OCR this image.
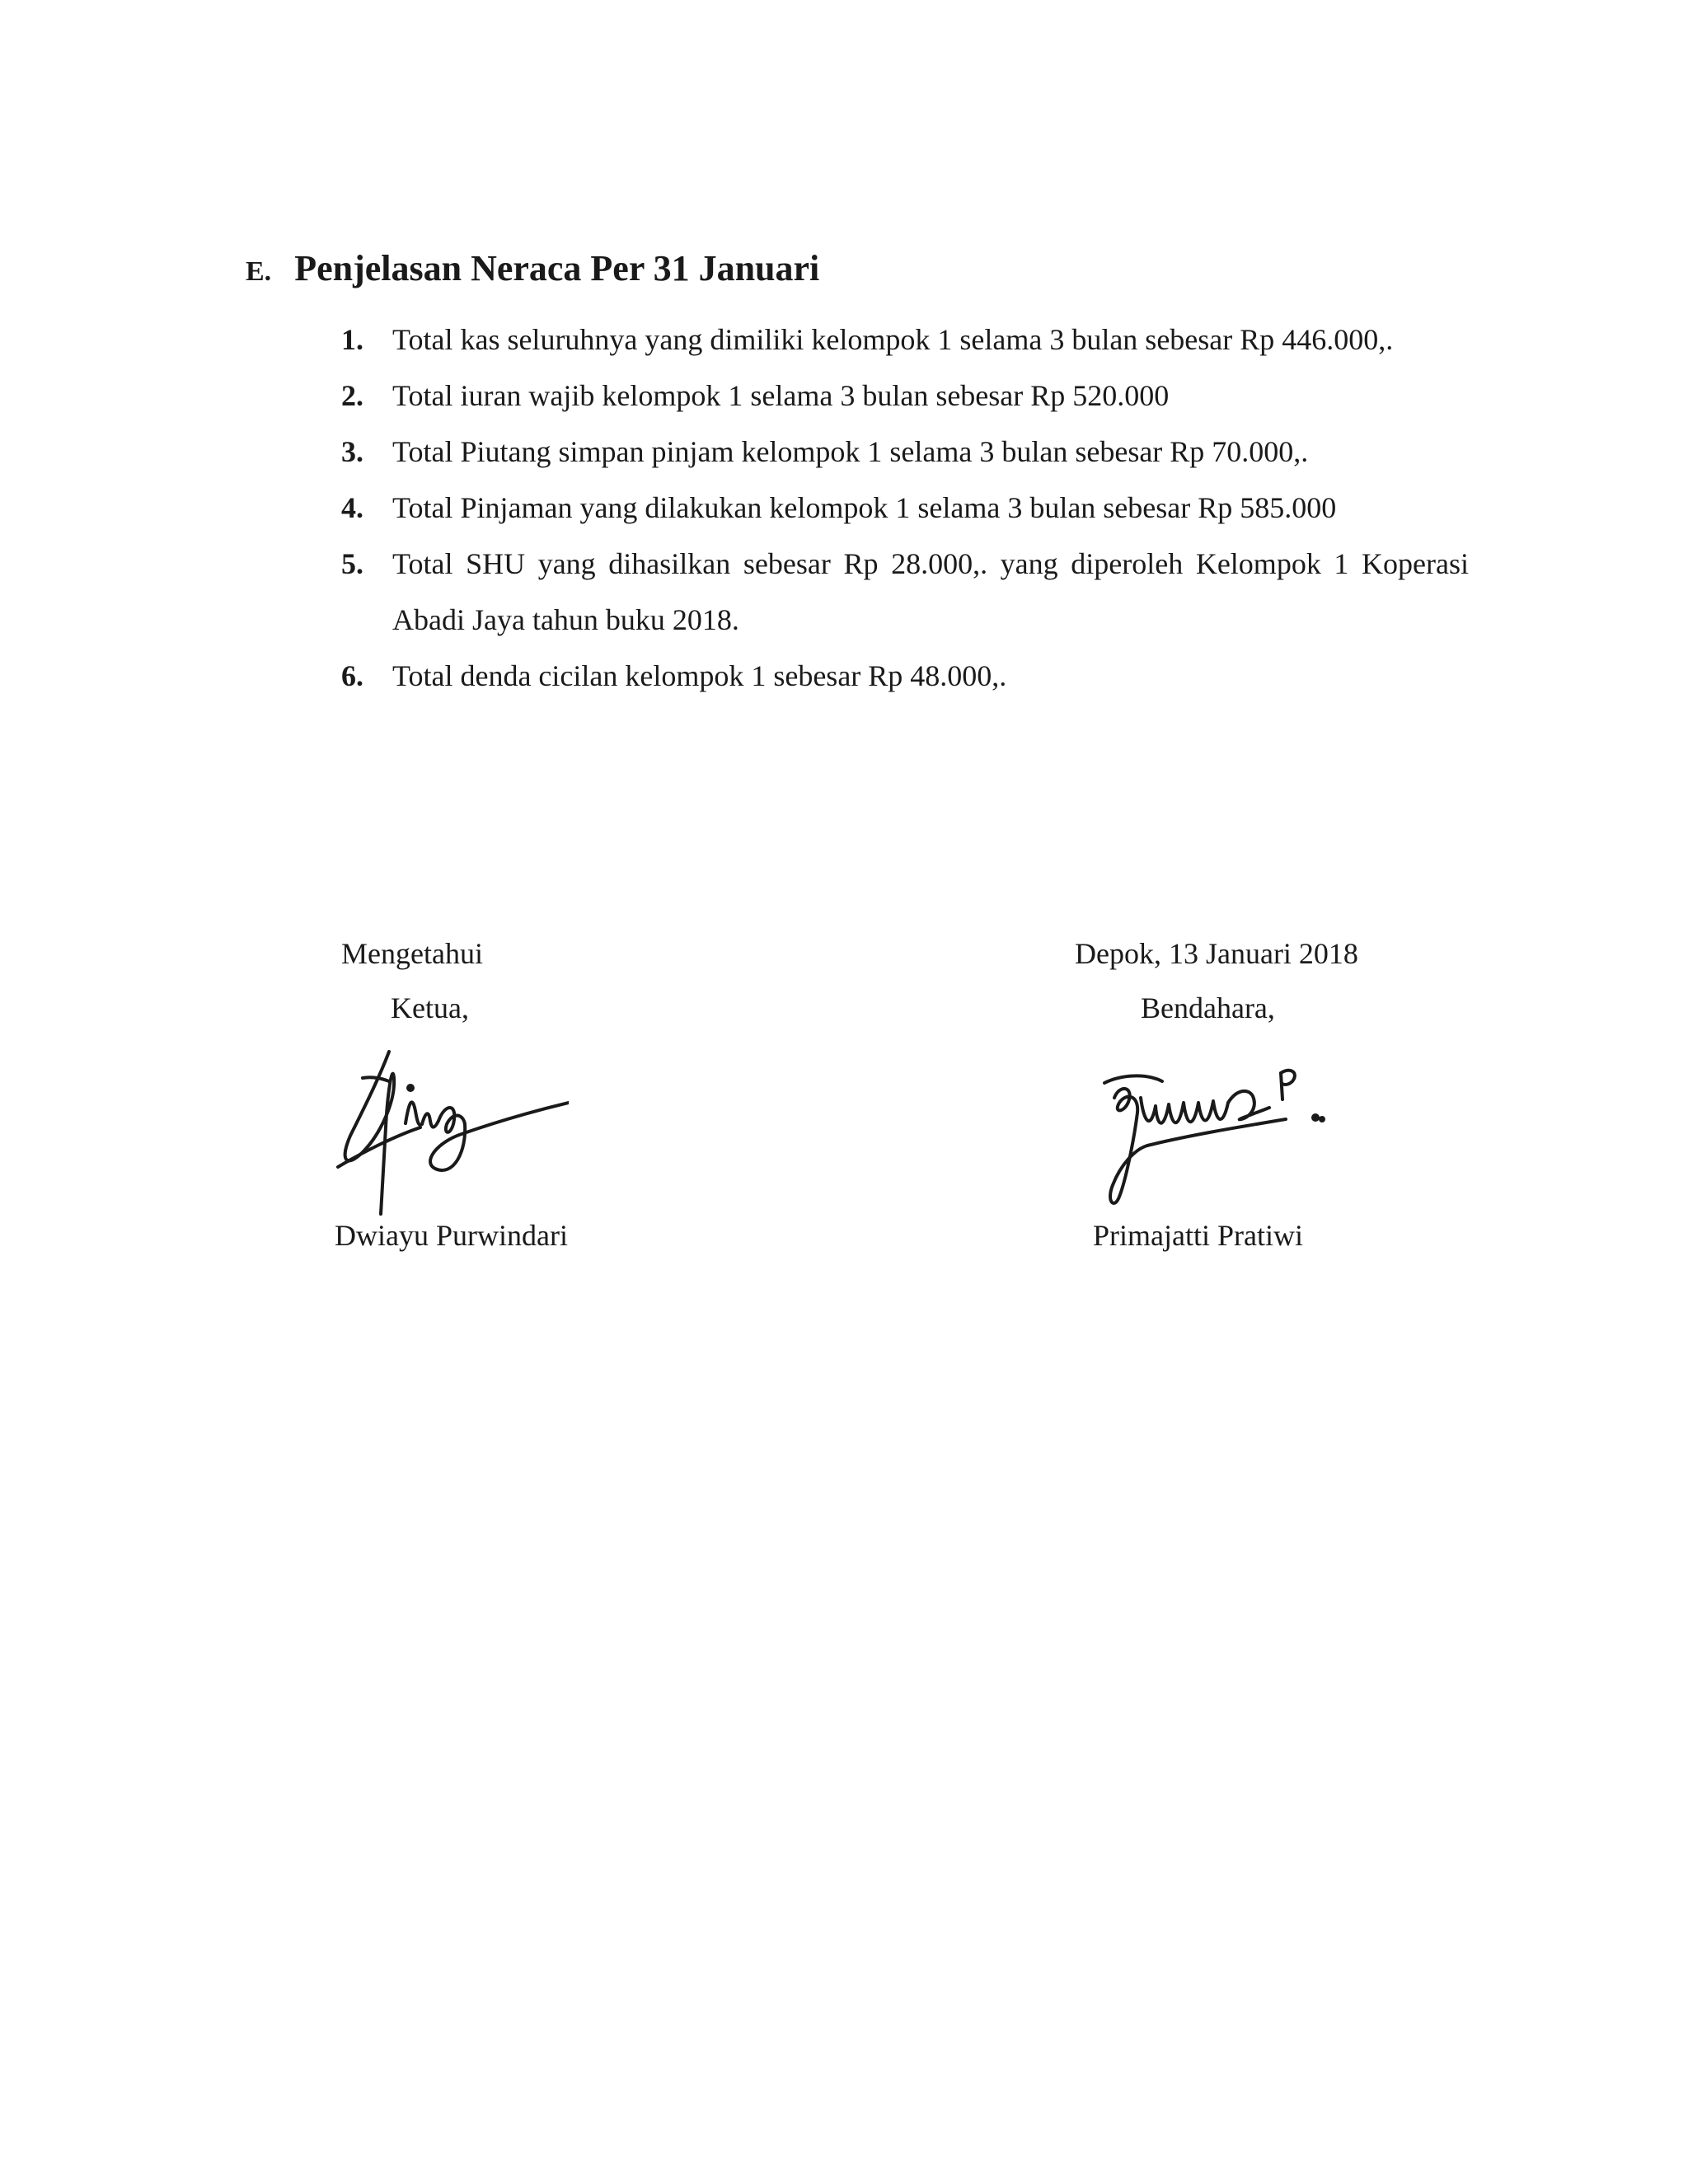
E. Penjelasan Neraca Per 31 Januari
1. Total kas seluruhnya yang dimiliki kelompok 1 selama 3 bulan sebesar Rp 446.000,.
2. Total iuran wajib kelompok 1 selama 3 bulan sebesar Rp 520.000
3. Total Piutang simpan pinjam kelompok 1 selama 3 bulan sebesar Rp 70.000,.
4. Total Pinjaman yang dilakukan kelompok 1 selama 3 bulan sebesar Rp 585.000
5. Total SHU yang dihasilkan sebesar Rp 28.000,. yang diperoleh Kelompok 1 Koperasi Abadi Jaya tahun buku 2018.
6. Total denda cicilan kelompok 1 sebesar Rp 48.000,.
Mengetahui
Ketua,
Dwiayu Purwindari
Depok, 13 Januari 2018
Bendahara,
Primajatti Pratiwi
